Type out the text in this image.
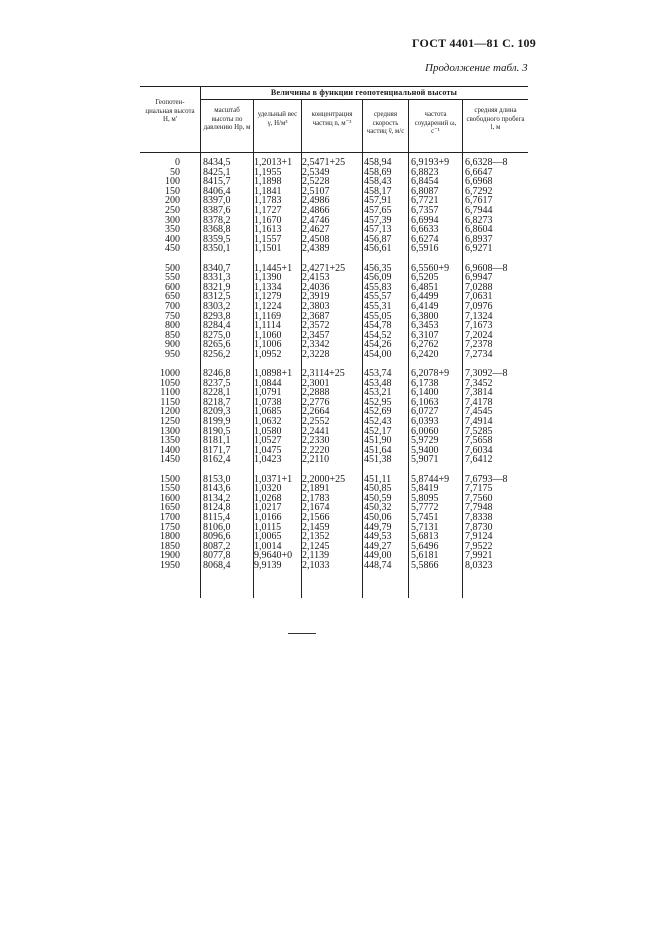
ГОСТ 4401—81 С. 109
Продолжение табл. 3
Величины в функции геопотенциальной высоты
Геопотен-циальная высота H, м'
масштаб высоты по давлению Hp, м
удельный вес γ, Н/м³
концентрация частиц n, м⁻³
средняя скорость частиц v̄, м/с
частота соударений ω, с⁻¹
средняя длина свободного пробега l, м
0
50
100
150
200
250
300
350
400
450
500
550
600
650
700
750
800
850
900
950
1000
1050
1100
1150
1200
1250
1300
1350
1400
1450
1500
1550
1600
1650
1700
1750
1800
1850
1900
1950
8434,5
8425,1
8415,7
8406,4
8397,0
8387,6
8378,2
8368,8
8359,5
8350,1
8340,7
8331,3
8321,9
8312,5
8303,2
8293,8
8284,4
8275,0
8265,6
8256,2
8246,8
8237,5
8228,1
8218,7
8209,3
8199,9
8190,5
8181,1
8171,7
8162,4
8153,0
8143,6
8134,2
8124,8
8115,4
8106,0
8096,6
8087,2
8077,8
8068,4
1,2013+1
1,1955
1,1898
1,1841
1,1783
1,1727
1,1670
1,1613
1,1557
1,1501
1,1445+1
1,1390
1,1334
1,1279
1,1224
1,1169
1,1114
1,1060
1,1006
1,0952
1,0898+1
1,0844
1,0791
1,0738
1,0685
1,0632
1,0580
1,0527
1,0475
1,0423
1,0371+1
1,0320
1,0268
1,0217
1,0166
1,0115
1,0065
1,0014
9,9640+0
9,9139
2,5471+25
2,5349
2,5228
2,5107
2,4986
2,4866
2,4746
2,4627
2,4508
2,4389
2,4271+25
2,4153
2,4036
2,3919
2,3803
2,3687
2,3572
2,3457
2,3342
2,3228
2,3114+25
2,3001
2,2888
2,2776
2,2664
2,2552
2,2441
2,2330
2,2220
2,2110
2,2000+25
2,1891
2,1783
2,1674
2,1566
2,1459
2,1352
2,1245
2,1139
2,1033
458,94
458,69
458,43
458,17
457,91
457,65
457,39
457,13
456,87
456,61
456,35
456,09
455,83
455,57
455,31
455,05
454,78
454,52
454,26
454,00
453,74
453,48
453,21
452,95
452,69
452,43
452,17
451,90
451,64
451,38
451,11
450,85
450,59
450,32
450,06
449,79
449,53
449,27
449,00
448,74
6,9193+9
6,8823
6,8454
6,8087
6,7721
6,7357
6,6994
6,6633
6,6274
6,5916
6,5560+9
6,5205
6,4851
6,4499
6,4149
6,3800
6,3453
6,3107
6,2762
6,2420
6,2078+9
6,1738
6,1400
6,1063
6,0727
6,0393
6,0060
5,9729
5,9400
5,9071
5,8744+9
5,8419
5,8095
5,7772
5,7451
5,7131
5,6813
5,6496
5,6181
5,5866
6,6328—8
6,6647
6,6968
6,7292
6,7617
6,7944
6,8273
6,8604
6,8937
6,9271
6,9608—8
6,9947
7,0288
7,0631
7,0976
7,1324
7,1673
7,2024
7,2378
7,2734
7,3092—8
7,3452
7,3814
7,4178
7,4545
7,4914
7,5285
7,5658
7,6034
7,6412
7,6793—8
7,7175
7,7560
7,7948
7,8338
7,8730
7,9124
7,9522
7,9921
8,0323
